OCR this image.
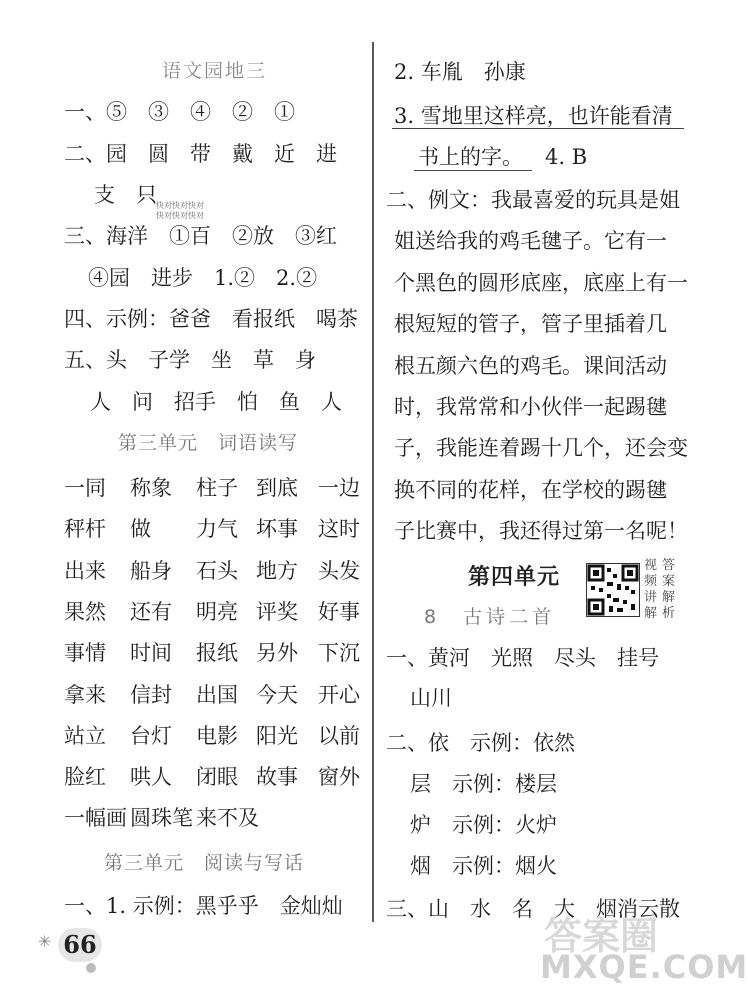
语文园地三
一、⑤　③　④　②　①
二、园　圆　带　戴　近　进
支　只
三、海洋　①百　②放　③红
④园　进步　1.②　2.②
四、示例：爸爸　看报纸　喝茶
五、头　子学　坐　草　身
人　问　招手　怕　鱼　人
第三单元　词语读写
一同 称象 柱子 到底 一边
秤杆 做 力气 坏事 这时
出来 船身 石头 地方 头发
果然 还有 明亮 评奖 好事
事情 时间 报纸 另外 下沉
拿来 信封 出国 今天 开心
站立 台灯 电影 阳光 以前
脸红 哄人 闭眼 故事 窗外
一幅画 圆珠笔 来不及
第三单元　阅读与写话
一、1. 示例：黑乎乎　金灿灿
2. 车胤　孙康
3. 雪地里这样亮，也许能看清
书上的字。 4. B
二、例文：我最喜爱的玩具是姐
姐送给我的鸡毛毽子。它有一
个黑色的圆形底座，底座上有一
根短短的管子，管子里插着几
根五颜六色的鸡毛。课间活动
时，我常常和小伙伴一起踢毽
子，我能连着踢十几个，还会变
换不同的花样，在学校的踢毽
子比赛中，我还得过第一名呢！
第四单元	视频讲解
答案解析
8　古诗二首
一、黄河　光照　尽头　挂号
山川
二、依　示例：依然
层　示例：楼层
炉　示例：火炉
烟　示例：烟火
三、山　水　名　大　烟消云散
✳ 66
快对快对快对
快对快对快对
答案圈
MXQE.COM
